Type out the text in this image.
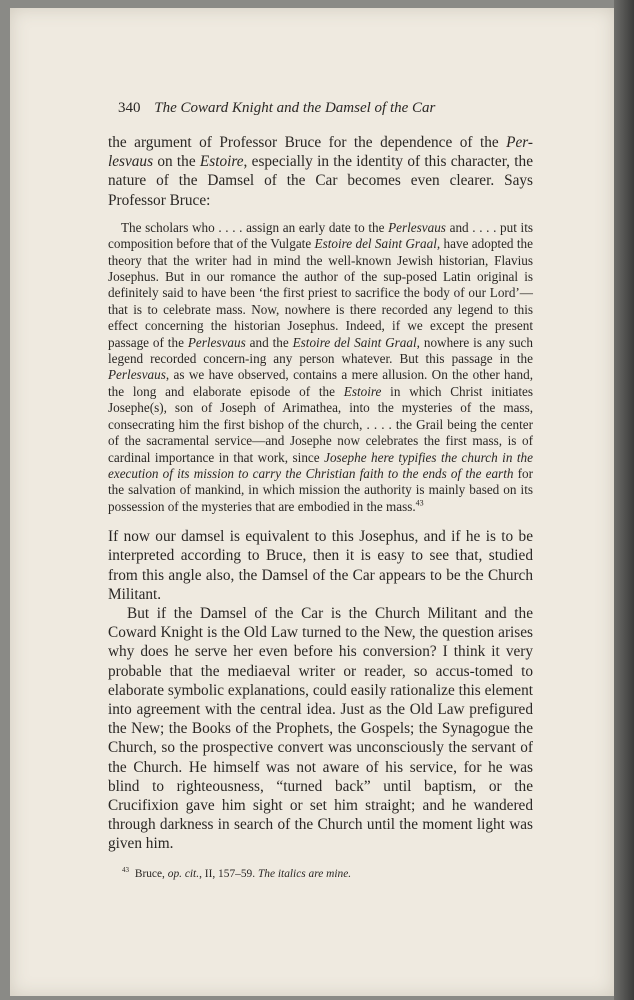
340 The Coward Knight and the Damsel of the Car

the argument of Professor Bruce for the dependence of the Per-lesvaus on the Estoire, especially in the identity of this character, the nature of the Damsel of the Car becomes even clearer. Says Professor Bruce:

The scholars who . . . . assign an early date to the Perlesvaus and . . . . put its composition before that of the Vulgate Estoire del Saint Graal, have adopted the theory that the writer had in mind the well-known Jewish historian, Flavius Josephus. But in our romance the author of the sup-posed Latin original is definitely said to have been ‘the first priest to sacrifice the body of our Lord’—that is to celebrate mass. Now, nowhere is there recorded any legend to this effect concerning the historian Josephus. Indeed, if we except the present passage of the Perlesvaus and the Estoire del Saint Graal, nowhere is any such legend recorded concern-ing any person whatever. But this passage in the Perlesvaus, as we have observed, contains a mere allusion. On the other hand, the long and elaborate episode of the Estoire in which Christ initiates Josephe(s), son of Joseph of Arimathea, into the mysteries of the mass, consecrating him the first bishop of the church, . . . . the Grail being the center of the sacramental service—and Josephe now celebrates the first mass, is of cardinal importance in that work, since Josephe here typifies the church in the execution of its mission to carry the Christian faith to the ends of the earth for the salvation of mankind, in which mission the authority is mainly based on its possession of the mysteries that are embodied in the mass.$^{43}$

If now our damsel is equivalent to this Josephus, and if he is to be interpreted according to Bruce, then it is easy to see that, studied from this angle also, the Damsel of the Car appears to be the Church Militant.

But if the Damsel of the Car is the Church Militant and the Coward Knight is the Old Law turned to the New, the question arises why does he serve her even before his conversion? I think it very probable that the mediaeval writer or reader, so accus-tomed to elaborate symbolic explanations, could easily rationalize this element into agreement with the central idea. Just as the Old Law prefigured the New; the Books of the Prophets, the Gospels; the Synagogue the Church, so the prospective convert was unconsciously the servant of the Church. He himself was not aware of his service, for he was blind to righteousness, “turned back” until baptism, or the Crucifixion gave him sight or set him straight; and he wandered through darkness in search of the Church until the moment light was given him.

$^{43}$ Bruce, op. cit., II, 157–59. The italics are mine.
